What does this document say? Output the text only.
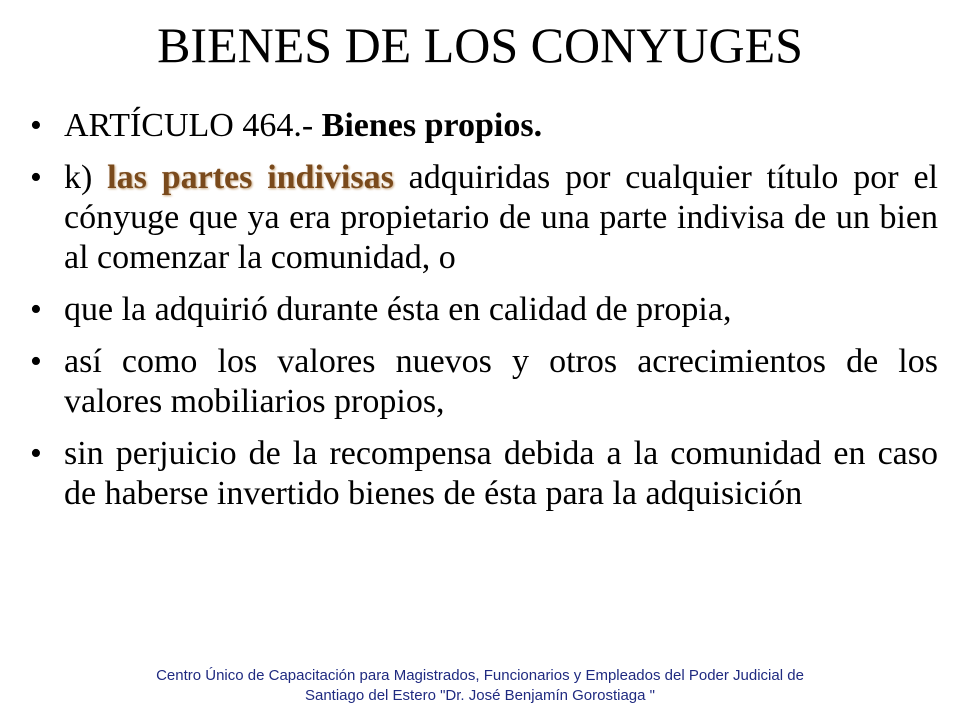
BIENES DE LOS CONYUGES
• ARTÍCULO 464.- Bienes propios.
• k) las partes indivisas adquiridas por cualquier título por el cónyuge que ya era propietario de una parte indivisa de un bien al comenzar la comunidad, o
• que la adquirió durante ésta en calidad de propia,
• así como los valores nuevos y otros acrecimientos de los valores mobiliarios propios,
• sin perjuicio de la recompensa debida a la comunidad en caso de haberse invertido bienes de ésta para la adquisición
Centro Único de Capacitación para Magistrados, Funcionarios y Empleados del Poder Judicial de
Santiago del Estero "Dr. José Benjamín Gorostiaga "
